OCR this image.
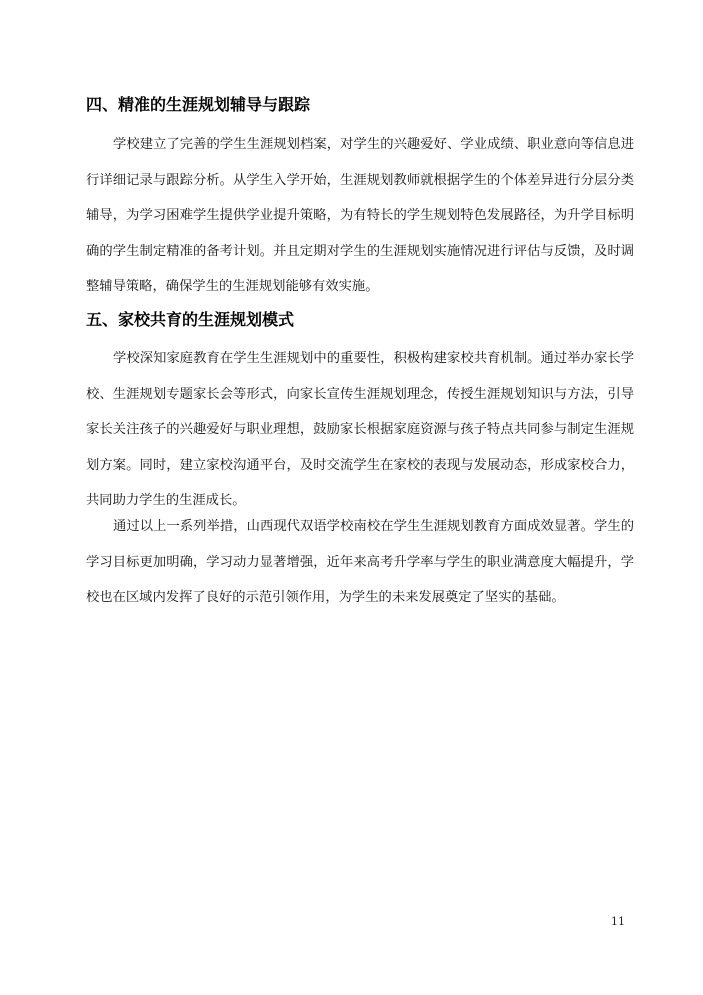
四、精准的生涯规划辅导与跟踪

学校建立了完善的学生生涯规划档案，对学生的兴趣爱好、学业成绩、职业意向等信息进行详细记录与跟踪分析。从学生入学开始，生涯规划教师就根据学生的个体差异进行分层分类辅导，为学习困难学生提供学业提升策略，为有特长的学生规划特色发展路径，为升学目标明确的学生制定精准的备考计划。并且定期对学生的生涯规划实施情况进行评估与反馈，及时调整辅导策略，确保学生的生涯规划能够有效实施。

五、家校共育的生涯规划模式

学校深知家庭教育在学生生涯规划中的重要性，积极构建家校共育机制。通过举办家长学校、生涯规划专题家长会等形式，向家长宣传生涯规划理念，传授生涯规划知识与方法，引导家长关注孩子的兴趣爱好与职业理想，鼓励家长根据家庭资源与孩子特点共同参与制定生涯规划方案。同时，建立家校沟通平台，及时交流学生在家校的表现与发展动态，形成家校合力，共同助力学生的生涯成长。

通过以上一系列举措，山西现代双语学校南校在学生生涯规划教育方面成效显著。学生的学习目标更加明确，学习动力显著增强，近年来高考升学率与学生的职业满意度大幅提升，学校也在区域内发挥了良好的示范引领作用，为学生的未来发展奠定了坚实的基础。

11
